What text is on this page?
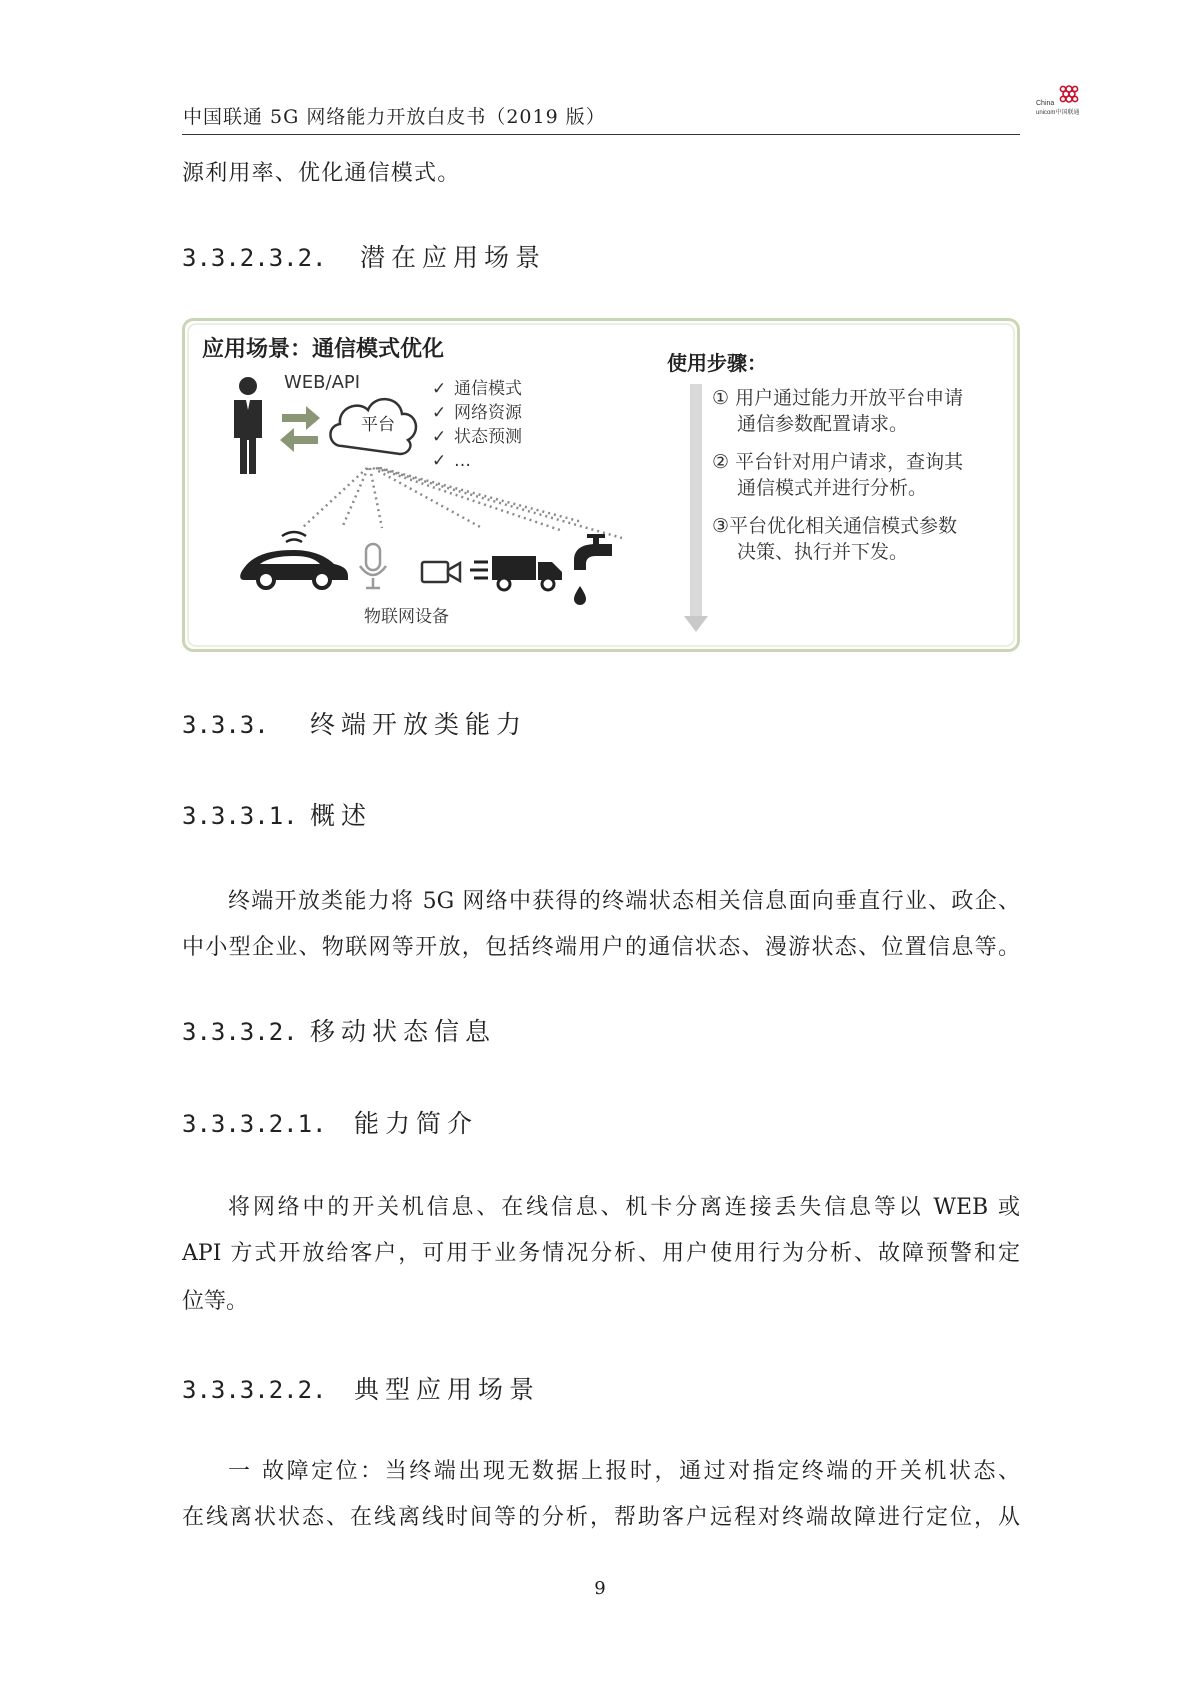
中国联通 5G 网络能力开放白皮书（2019 版）
China
unicom中国联通
源利用率、优化通信模式。
3.3.2.3.2. 潜在应用场景
应用场景：通信模式优化
WEB/API
平台
✓ 通信模式
✓ 网络资源
✓ 状态预测
✓ …
物联网设备
使用步骤：
① 用户通过能力开放平台申请
通信参数配置请求。
② 平台针对用户请求，查询其
通信模式并进行分析。
③平台优化相关通信模式参数
决策、执行并下发。
3.3.3. 终端开放类能力
3.3.3.1. 概述
终端开放类能力将 5G 网络中获得的终端状态相关信息面向垂直行业、政企、
中小型企业、物联网等开放，包括终端用户的通信状态、漫游状态、位置信息等。
3.3.3.2. 移动状态信息
3.3.3.2.1. 能力简介
将网络中的开关机信息、在线信息、机卡分离连接丢失信息等以 WEB 或
API 方式开放给客户，可用于业务情况分析、用户使用行为分析、故障预警和定
位等。
3.3.3.2.2. 典型应用场景
一 故障定位：当终端出现无数据上报时，通过对指定终端的开关机状态、
在线离状状态、在线离线时间等的分析，帮助客户远程对终端故障进行定位，从
9
